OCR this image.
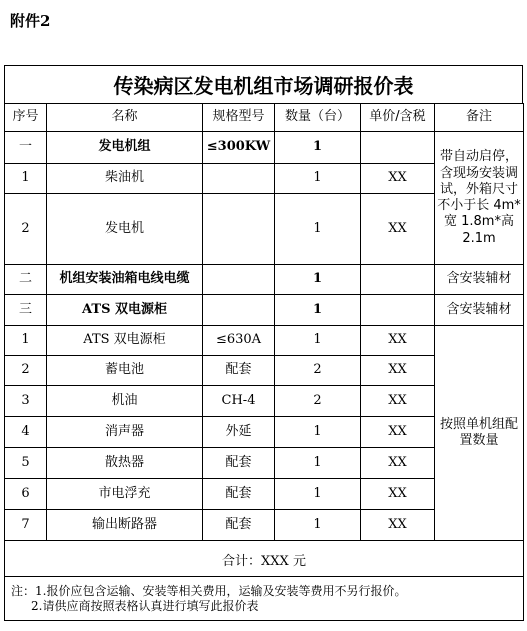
附件2
传染病区发电机组市场调研报价表
序号	名称	规格型号	数量（台）	单价/含税	备注
一	发电机组	≤300KW	1		带自动启停，含现场安装调试，外箱尺寸不小于长 4m*宽 1.8m*高 2.1m
1	柴油机		1	XX	
2	发电机		1	XX	
二	机组安装油箱电线电缆		1		含安装辅材
三	ATS 双电源柜		1		含安装辅材
1	ATS 双电源柜	≤630A	1	XX	按照单机组配置数量
2	蓄电池	配套	2	XX	
3	机油	CH-4	2	XX	
4	消声器	外延	1	XX	
5	散热器	配套	1	XX	
6	市电浮充	配套	1	XX	
7	输出断路器	配套	1	XX	
合计：XXX 元					

注：1.报价应包含运输、安装等相关费用，运输及安装等费用不另行报价。
2.请供应商按照表格认真进行填写此报价表					
